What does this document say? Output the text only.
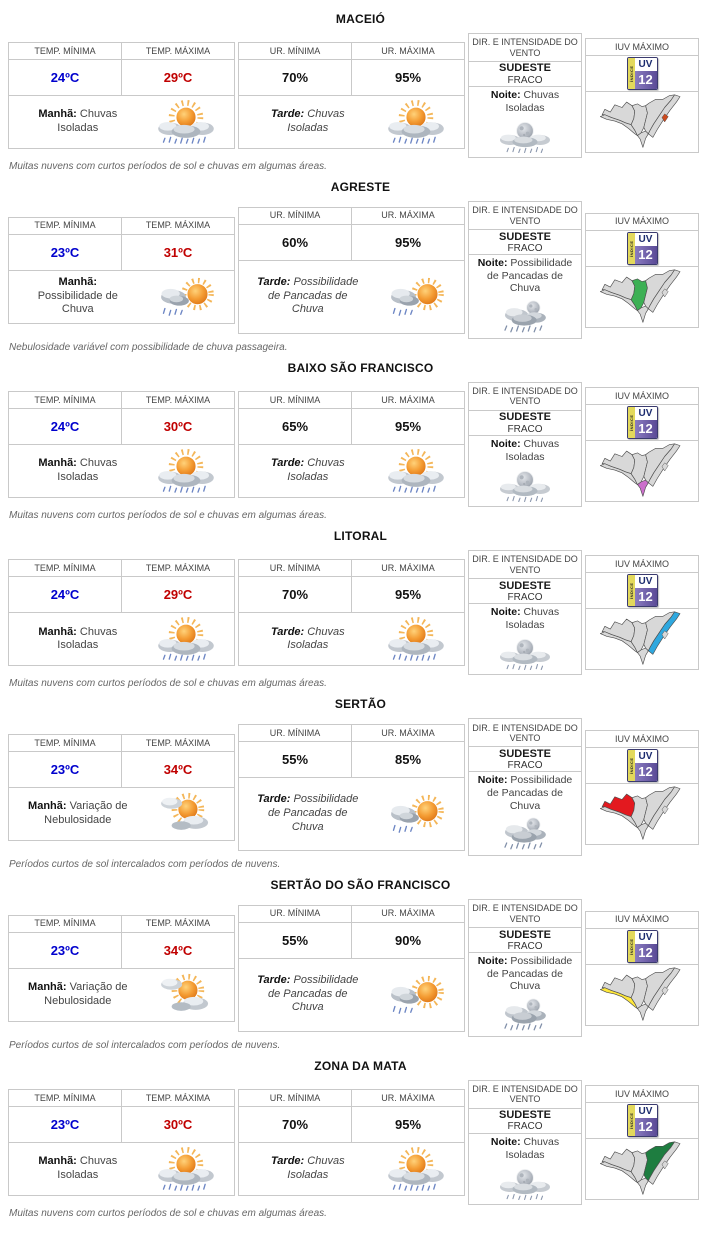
MACEIÓ
TEMP. MÍNIMA	TEMP. MÁXIMA
24ºC	29ºC
Manhã: Chuvas Isoladas
UR. MÍNIMA	UR. MÁXIMA
70%	95%
Tarde: Chuvas Isoladas
DIR. E INTENSIDADE DO VENTO
SUDESTE
FRACO
Noite: Chuvas Isoladas
IUV MÁXIMO
ÍNDICE
UV
12
Muitas nuvens com curtos períodos de sol e chuvas em algumas áreas.
AGRESTE
TEMP. MÍNIMA	TEMP. MÁXIMA
23ºC	31ºC
Manhã: Possibilidade de Chuva
UR. MÍNIMA	UR. MÁXIMA
60%	95%
Tarde: Possibilidade de Pancadas de Chuva
DIR. E INTENSIDADE DO VENTO
SUDESTE
FRACO
Noite: Possibilidade de Pancadas de Chuva
IUV MÁXIMO
ÍNDICE
UV
12
Nebulosidade variável com possibilidade de chuva passageira.
BAIXO SÃO FRANCISCO
TEMP. MÍNIMA	TEMP. MÁXIMA
24ºC	30ºC
Manhã: Chuvas Isoladas
UR. MÍNIMA	UR. MÁXIMA
65%	95%
Tarde: Chuvas Isoladas
DIR. E INTENSIDADE DO VENTO
SUDESTE
FRACO
Noite: Chuvas Isoladas
IUV MÁXIMO
ÍNDICE
UV
12
Muitas nuvens com curtos períodos de sol e chuvas em algumas áreas.
LITORAL
TEMP. MÍNIMA	TEMP. MÁXIMA
24ºC	29ºC
Manhã: Chuvas Isoladas
UR. MÍNIMA	UR. MÁXIMA
70%	95%
Tarde: Chuvas Isoladas
DIR. E INTENSIDADE DO VENTO
SUDESTE
FRACO
Noite: Chuvas Isoladas
IUV MÁXIMO
ÍNDICE
UV
12
Muitas nuvens com curtos períodos de sol e chuvas em algumas áreas.
SERTÃO
TEMP. MÍNIMA	TEMP. MÁXIMA
23ºC	34ºC
Manhã: Variação de Nebulosidade
UR. MÍNIMA	UR. MÁXIMA
55%	85%
Tarde: Possibilidade de Pancadas de Chuva
DIR. E INTENSIDADE DO VENTO
SUDESTE
FRACO
Noite: Possibilidade de Pancadas de Chuva
IUV MÁXIMO
ÍNDICE
UV
12
Períodos curtos de sol intercalados com períodos de nuvens.
SERTÃO DO SÃO FRANCISCO
TEMP. MÍNIMA	TEMP. MÁXIMA
23ºC	34ºC
Manhã: Variação de Nebulosidade
UR. MÍNIMA	UR. MÁXIMA
55%	90%
Tarde: Possibilidade de Pancadas de Chuva
DIR. E INTENSIDADE DO VENTO
SUDESTE
FRACO
Noite: Possibilidade de Pancadas de Chuva
IUV MÁXIMO
ÍNDICE
UV
12
Períodos curtos de sol intercalados com períodos de nuvens.
ZONA DA MATA
TEMP. MÍNIMA	TEMP. MÁXIMA
23ºC	30ºC
Manhã: Chuvas Isoladas
UR. MÍNIMA	UR. MÁXIMA
70%	95%
Tarde: Chuvas Isoladas
DIR. E INTENSIDADE DO VENTO
SUDESTE
FRACO
Noite: Chuvas Isoladas
IUV MÁXIMO
ÍNDICE
UV
12
Muitas nuvens com curtos períodos de sol e chuvas em algumas áreas.
